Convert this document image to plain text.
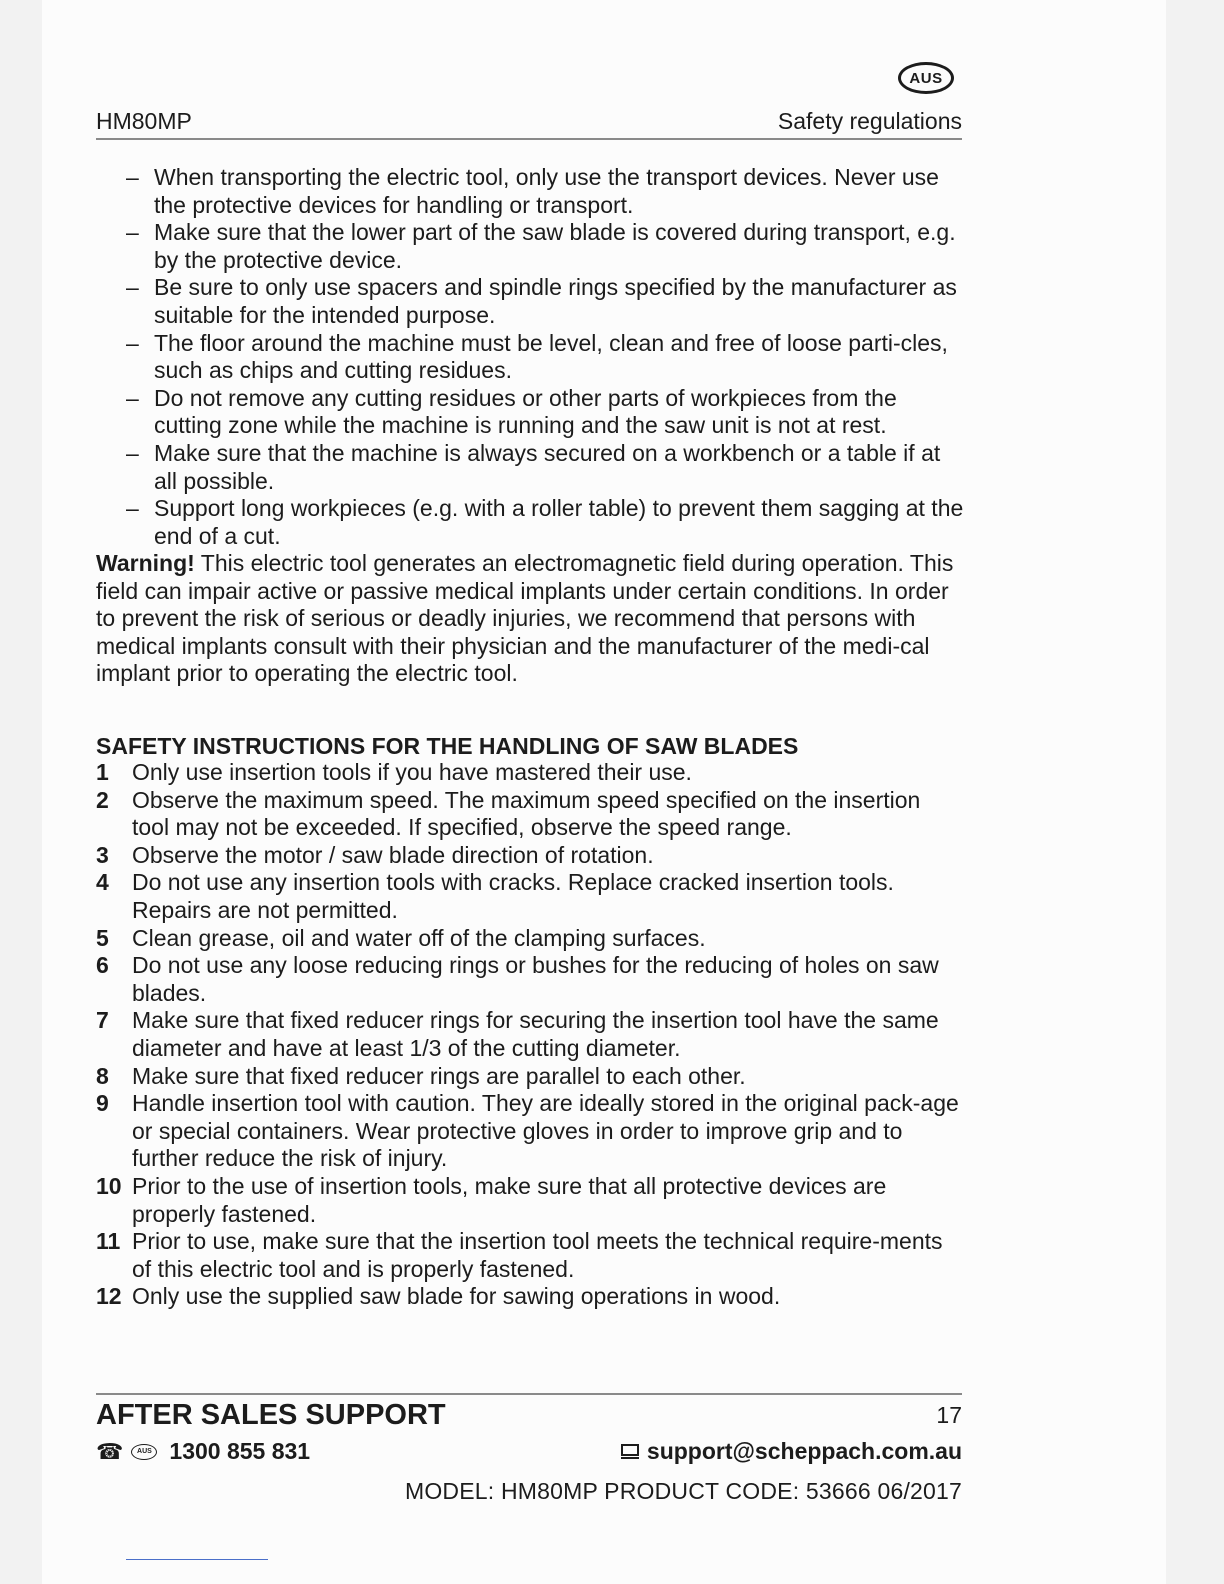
AUS
HM80MP	Safety regulations
– When transporting the electric tool, only use the transport devices. Never use the protective devices for handling or transport.
– Make sure that the lower part of the saw blade is covered during transport, e.g. by the protective device.
– Be sure to only use spacers and spindle rings specified by the manufacturer as suitable for the intended purpose.
– The floor around the machine must be level, clean and free of loose parti-cles, such as chips and cutting residues.
– Do not remove any cutting residues or other parts of workpieces from the cutting zone while the machine is running and the saw unit is not at rest.
– Make sure that the machine is always secured on a workbench or a table if at all possible.
– Support long workpieces (e.g. with a roller table) to prevent them sagging at the end of a cut.

Warning! This electric tool generates an electromagnetic field during operation. This field can impair active or passive medical implants under certain conditions. In order to prevent the risk of serious or deadly injuries, we recommend that persons with medical implants consult with their physician and the manufacturer of the medi-cal implant prior to operating the electric tool.

SAFETY INSTRUCTIONS FOR THE HANDLING OF SAW BLADES
1 Only use insertion tools if you have mastered their use.
2 Observe the maximum speed. The maximum speed specified on the insertion tool may not be exceeded. If specified, observe the speed range.
3 Observe the motor / saw blade direction of rotation.
4 Do not use any insertion tools with cracks. Replace cracked insertion tools. Repairs are not permitted.
5 Clean grease, oil and water off of the clamping surfaces.
6 Do not use any loose reducing rings or bushes for the reducing of holes on saw blades.
7 Make sure that fixed reducer rings for securing the insertion tool have the same diameter and have at least 1/3 of the cutting diameter.
8 Make sure that fixed reducer rings are parallel to each other.
9 Handle insertion tool with caution. They are ideally stored in the original pack-age or special containers. Wear protective gloves in order to improve grip and to further reduce the risk of injury.
10 Prior to the use of insertion tools, make sure that all protective devices are properly fastened.
11 Prior to use, make sure that the insertion tool meets the technical require-ments of this electric tool and is properly fastened.
12 Only use the supplied saw blade for sawing operations in wood.
AFTER SALES SUPPORT	17
☎	AUS 1300 855 831	support@scheppach.com.au
MODEL: HM80MP PRODUCT CODE: 53666 06/2017
